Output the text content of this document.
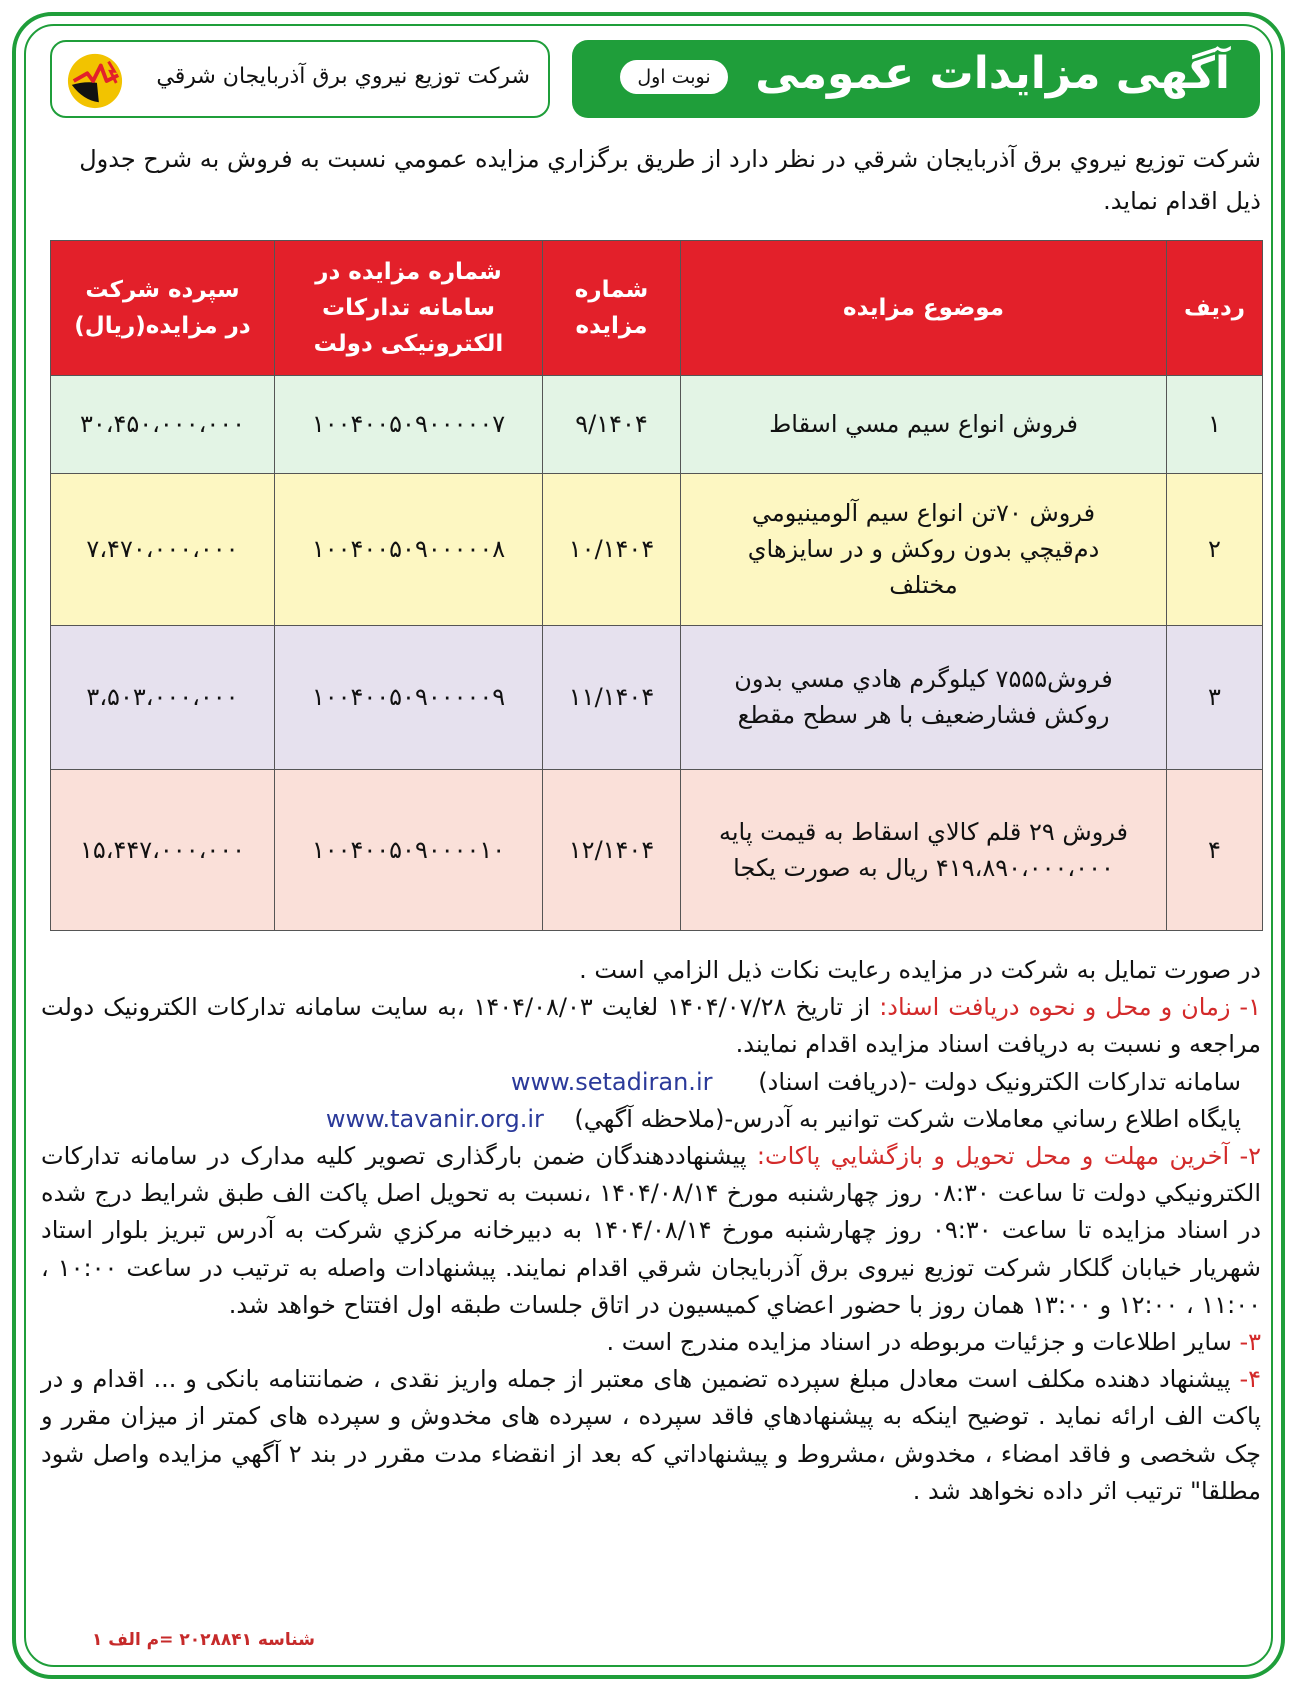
آگهی مزایدات عمومی
نوبت اول
شرکت توزیع نیروي برق آذربایجان شرقي
شرکت توزیع نیروي برق آذربایجان شرقي در نظر دارد از طریق برگزاري مزایده عمومي نسبت به فروش به شرح جدول ذیل اقدام نماید.
ردیف	موضوع مزایده	شماره مزایده	شماره مزایده در سامانه تدارکات الکترونیکی دولت	سپرده شرکت در مزایده(ریال)
۱	فروش انواع سیم مسي اسقاط	۹/۱۴۰۴	۱۰۰۴۰۰۵۰۹۰۰۰۰۰۷	۳۰،۴۵۰،۰۰۰،۰۰۰
۲	فروش ۷۰تن انواع سیم آلومینیومي دم‌قیچي بدون روکش و در سایزهاي مختلف	۱۰/۱۴۰۴	۱۰۰۴۰۰۵۰۹۰۰۰۰۰۸	۷،۴۷۰،۰۰۰،۰۰۰
۳	فروش۷۵۵۵ کیلوگرم هادي مسي بدون روکش فشارضعیف با هر سطح مقطع	۱۱/۱۴۰۴	۱۰۰۴۰۰۵۰۹۰۰۰۰۰۹	۳،۵۰۳،۰۰۰،۰۰۰
۴	فروش ۲۹ قلم کالاي اسقاط به قیمت پایه ۴۱۹،۸۹۰،۰۰۰،۰۰۰ ریال به صورت یکجا	۱۲/۱۴۰۴	۱۰۰۴۰۰۵۰۹۰۰۰۰۱۰	۱۵،۴۴۷،۰۰۰،۰۰۰

در صورت تمایل به شرکت در مزایده رعایت نکات ذیل الزامي است .

۱- زمان و محل و نحوه دریافت اسناد: از تاریخ ۱۴۰۴/۰۷/۲۸ لغایت ۱۴۰۴/۰۸/۰۳ ،به سایت سامانه تدارکات الکترونیک دولت مراجعه و نسبت به دریافت اسناد مزایده اقدام نمایند.

سامانه تدارکات الکترونیک دولت -(دریافت اسناد)      www.setadiran.ir

پایگاه اطلاع رساني معاملات شرکت توانیر به آدرس-(ملاحظه آگهي)    www.tavanir.org.ir

۲- آخرین مهلت و محل تحویل و بازگشایي پاکات: پیشنهاددهندگان ضمن بارگذاری تصویر کلیه مدارک در سامانه تدارکات الکترونیکي دولت تا ساعت ۰۸:۳۰ روز چهارشنبه مورخ ۱۴۰۴/۰۸/۱۴ ،نسبت به تحویل اصل پاکت الف طبق شرایط درج شده در اسناد مزایده تا ساعت ۰۹:۳۰ روز چهارشنبه مورخ ۱۴۰۴/۰۸/۱۴ به دبیرخانه مرکزي شرکت به آدرس تبریز بلوار استاد شهریار خیابان گلکار شرکت توزیع نیروی برق آذربایجان شرقي اقدام نمایند. پیشنهادات واصله به ترتیب در ساعت ۱۰:۰۰ ، ۱۱:۰۰ ، ۱۲:۰۰ و ۱۳:۰۰ همان روز با حضور اعضاي کمیسیون در اتاق جلسات طبقه اول افتتاح خواهد شد.

۳- سایر اطلاعات و جزئیات مربوطه در اسناد مزایده مندرج است .

۴- پیشنهاد دهنده مکلف است معادل مبلغ سپرده تضمین های معتبر از جمله واریز نقدی ، ضمانتنامه بانکی و ... اقدام و در پاکت الف ارائه نماید . توضیح اینکه به پیشنهادهاي فاقد سپرده ، سپرده های مخدوش و سپرده های کمتر از میزان مقرر و چک شخصی و فاقد امضاء ، مخدوش ،مشروط و پیشنهاداتي که بعد از انقضاء مدت مقرر در بند ۲ آگهي مزایده واصل شود مطلقا" ترتیب اثر داده نخواهد شد .

شناسه ۲۰۲۸۸۴۱ =م الف ۱
